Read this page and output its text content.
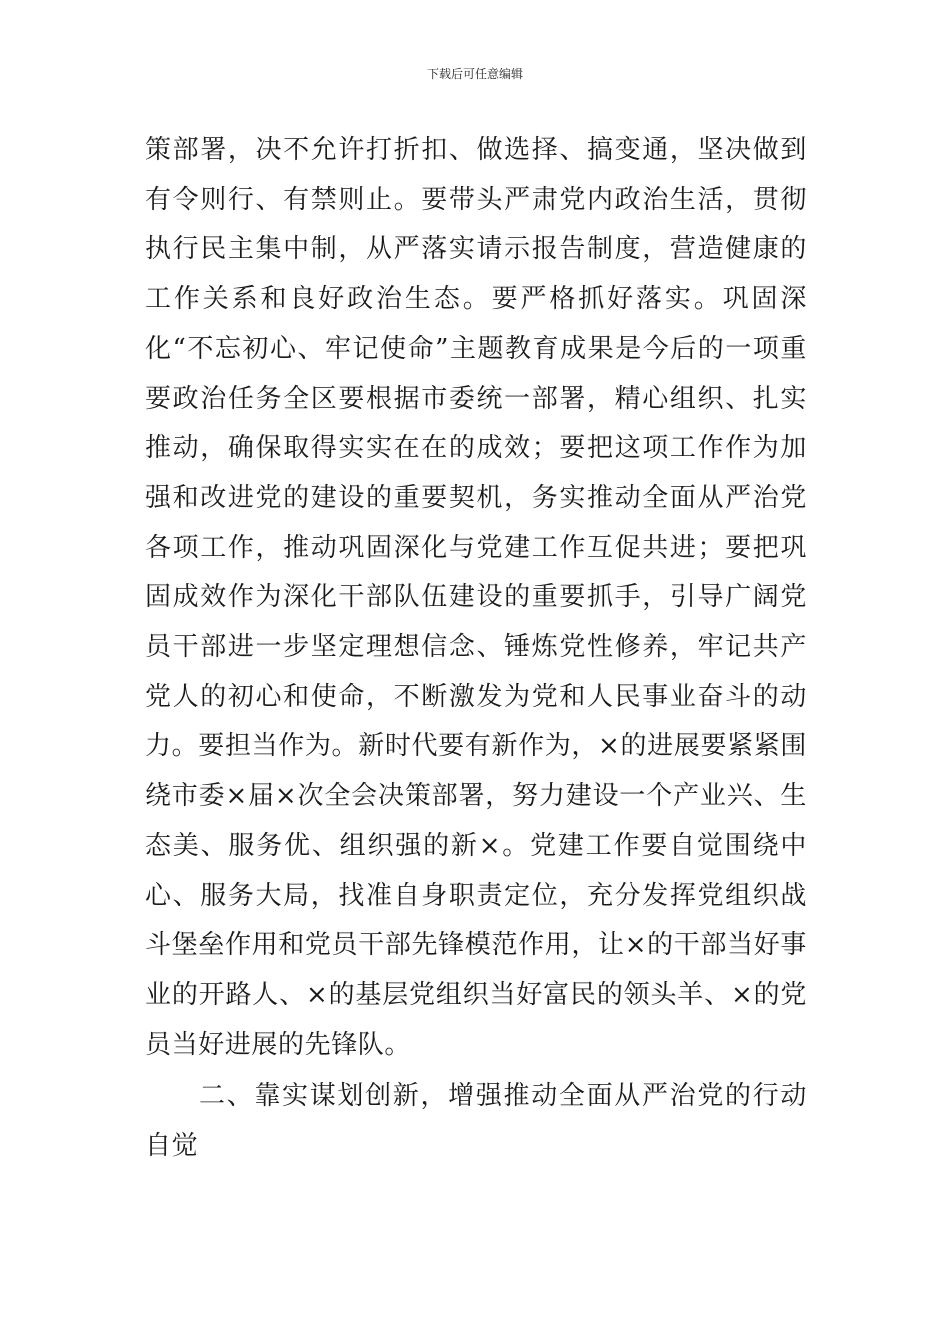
下载后可任意编辑

策部署，决不允许打折扣、做选择、搞变通，坚决做到有令则行、有禁则止。要带头严肃党内政治生活，贯彻执行民主集中制，从严落实请示报告制度，营造健康的工作关系和良好政治生态。要严格抓好落实。巩固深化“不忘初心、牢记使命”主题教育成果是今后的一项重要政治任务全区要根据市委统一部署，精心组织、扎实推动，确保取得实实在在的成效；要把这项工作作为加强和改进党的建设的重要契机，务实推动全面从严治党各项工作，推动巩固深化与党建工作互促共进；要把巩固成效作为深化干部队伍建设的重要抓手，引导广阔党员干部进一步坚定理想信念、锤炼党性修养，牢记共产党人的初心和使命，不断激发为党和人民事业奋斗的动力。要担当作为。新时代要有新作为，×的进展要紧紧围绕市委×届×次全会决策部署，努力建设一个产业兴、生态美、服务优、组织强的新×。党建工作要自觉围绕中心、服务大局，找准自身职责定位，充分发挥党组织战斗堡垒作用和党员干部先锋模范作用，让×的干部当好事业的开路人、×的基层党组织当好富民的领头羊、×的党员当好进展的先锋队。

二、靠实谋划创新，增强推动全面从严治党的行动自觉
